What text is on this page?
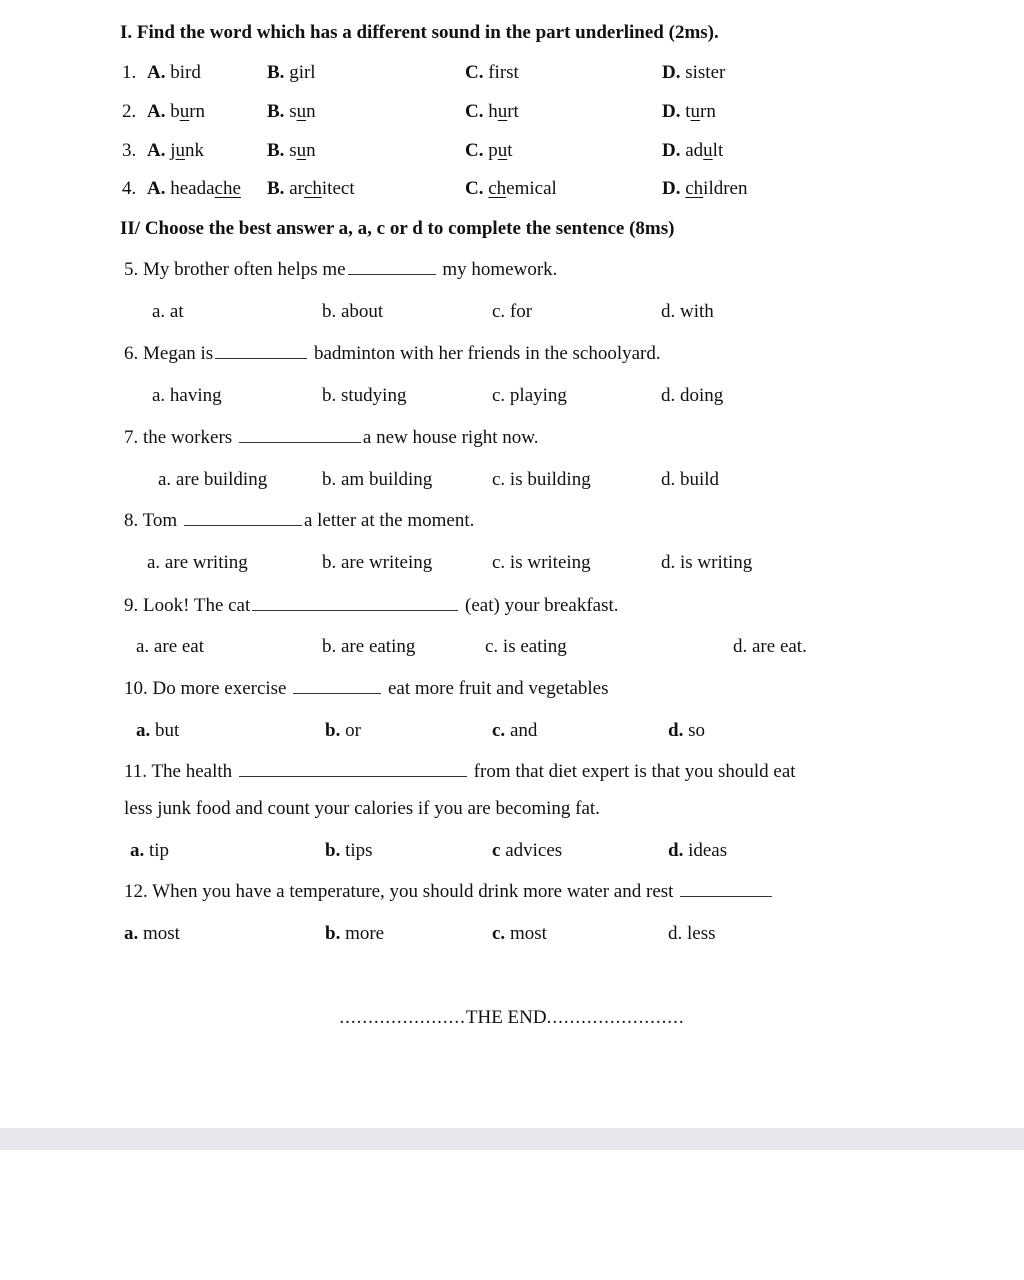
I. Find the word which has a different sound in the part underlined (2ms).
1. A. bird	B. girl	C. first	D. sister
2. A. burn	B. sun	C. hurt	D. turn
3. A. junk	B. sun	C. put	D. adult
4. A. headache B. architect	C. chemical	D. children
II/ Choose the best answer a, a, c or d to complete the sentence (8ms)
5. My brother often helps me	my homework.
a. at	b. about	c. for	d. with
6. Megan is	badminton with her friends in the schoolyard.
a. having	b. studying	c. playing	d. doing
7. the workers	a new house right now.
a. are building	b. am building	c. is building	d. build
8. Tom	a letter at the moment.
a. are writing	b. are writeing	c. is writeing	d. is writing
9. Look! The cat	(eat) your breakfast.
a. are eat	b. are eating	c. is eating	d. are eat.
10. Do more exercise	eat more fruit and vegetables
a. but	b. or	c. and	d. so
11. The health	from that diet expert is that you should eat
less junk food and count your calories if you are becoming fat.
a. tip	b. tips	c advices	d. ideas
12. When you have a temperature, you should drink more water and rest
a. most	b. more	c. most	d. less
......................THE END........................
